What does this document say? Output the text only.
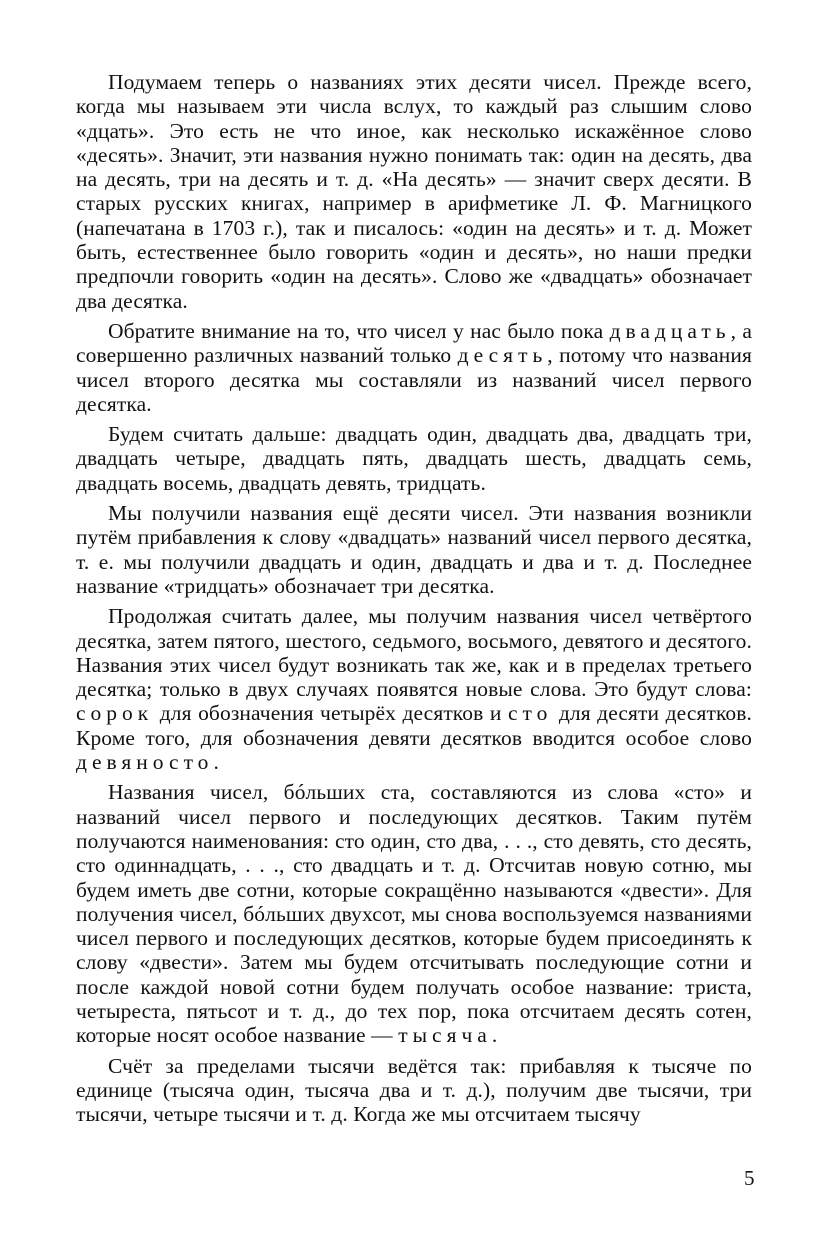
Подумаем теперь о названиях этих десяти чисел. Прежде всего, когда мы называем эти числа вслух, то каждый раз слышим слово «дцать». Это есть не что иное, как несколько искажённое слово «десять». Значит, эти названия нужно понимать так: один на десять, два на десять, три на десять и т. д. «На десять» — значит сверх десяти. В старых русских книгах, например в арифметике Л. Ф. Магницкого (напечатана в 1703 г.), так и писалось: «один на десять» и т. д. Может быть, естественнее было говорить «один и десять», но наши предки предпочли говорить «один на десять». Слово же «двадцать» обозначает два десятка.

Обратите внимание на то, что чисел у нас было пока двадцать, а совершенно различных названий только десять, потому что названия чисел второго десятка мы составляли из названий чисел первого десятка.

Будем считать дальше: двадцать один, двадцать два, двадцать три, двадцать четыре, двадцать пять, двадцать шесть, двадцать семь, двадцать восемь, двадцать девять, тридцать.

Мы получили названия ещё десяти чисел. Эти названия возникли путём прибавления к слову «двадцать» названий чисел первого десятка, т. е. мы получили двадцать и один, двадцать и два и т. д. Последнее название «тридцать» обозначает три десятка.

Продолжая считать далее, мы получим названия чисел четвёртого десятка, затем пятого, шестого, седьмого, восьмого, девятого и десятого. Названия этих чисел будут возникать так же, как и в пределах третьего десятка; только в двух случаях появятся новые слова. Это будут слова: сорок для обозначения четырёх десятков и сто для десяти десятков. Кроме того, для обозначения девяти десятков вводится особое слово девяносто.

Названия чисел, бóльших ста, составляются из слова «сто» и названий чисел первого и последующих десятков. Таким путём получаются наименования: сто один, сто два, . . ., сто девять, сто десять, сто одиннадцать, . . ., сто двадцать и т. д. Отсчитав новую сотню, мы будем иметь две сотни, которые сокращённо называются «двести». Для получения чисел, бóльших двухсот, мы снова воспользуемся названиями чисел первого и последующих десятков, которые будем присоединять к слову «двести». Затем мы будем отсчитывать последующие сотни и после каждой новой сотни будем получать особое название: триста, четыреста, пятьсот и т. д., до тех пор, пока отсчитаем десять сотен, которые носят особое название — тысяча.

Счёт за пределами тысячи ведётся так: прибавляя к тысяче по единице (тысяча один, тысяча два и т. д.), получим две тысячи, три тысячи, четыре тысячи и т. д. Когда же мы отсчитаем тысячу

5
